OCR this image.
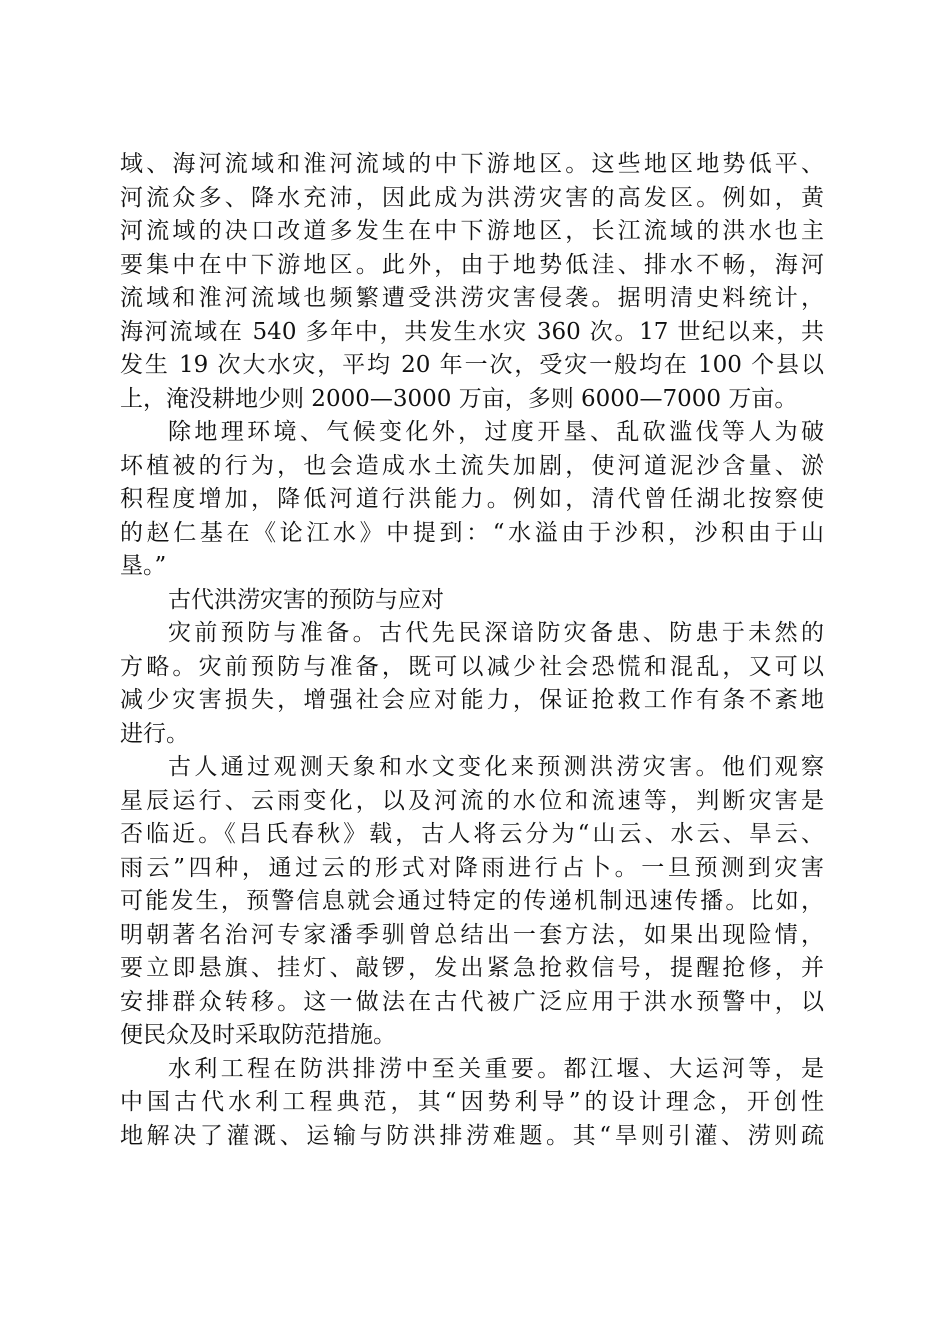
域、海河流域和淮河流域的中下游地区。这些地区地势低平、
河流众多、降水充沛，因此成为洪涝灾害的高发区。例如，黄
河流域的决口改道多发生在中下游地区，长江流域的洪水也主
要集中在中下游地区。此外，由于地势低洼、排水不畅，海河
流域和淮河流域也频繁遭受洪涝灾害侵袭。据明清史料统计，
海河流域在 540 多年中，共发生水灾 360 次。17 世纪以来，共
发生 19 次大水灾，平均 20 年一次，受灾一般均在 100 个县以
上，淹没耕地少则 2000—3000 万亩，多则 6000—7000 万亩。
除地理环境、气候变化外，过度开垦、乱砍滥伐等人为破
坏植被的行为，也会造成水土流失加剧，使河道泥沙含量、淤
积程度增加，降低河道行洪能力。例如，清代曾任湖北按察使
的赵仁基在《论江水》中提到：“水溢由于沙积，沙积由于山
垦。”
古代洪涝灾害的预防与应对
灾前预防与准备。古代先民深谙防灾备患、防患于未然的
方略。灾前预防与准备，既可以减少社会恐慌和混乱，又可以
减少灾害损失，增强社会应对能力，保证抢救工作有条不紊地
进行。
古人通过观测天象和水文变化来预测洪涝灾害。他们观察
星辰运行、云雨变化，以及河流的水位和流速等，判断灾害是
否临近。《吕氏春秋》载，古人将云分为“山云、水云、旱云、
雨云”四种，通过云的形式对降雨进行占卜。一旦预测到灾害
可能发生，预警信息就会通过特定的传递机制迅速传播。比如，
明朝著名治河专家潘季驯曾总结出一套方法，如果出现险情，
要立即悬旗、挂灯、敲锣，发出紧急抢救信号，提醒抢修，并
安排群众转移。这一做法在古代被广泛应用于洪水预警中，以
便民众及时采取防范措施。
水利工程在防洪排涝中至关重要。都江堰、大运河等，是
中国古代水利工程典范，其“因势利导”的设计理念，开创性
地解决了灌溉、运输与防洪排涝难题。其“旱则引灌、涝则疏
